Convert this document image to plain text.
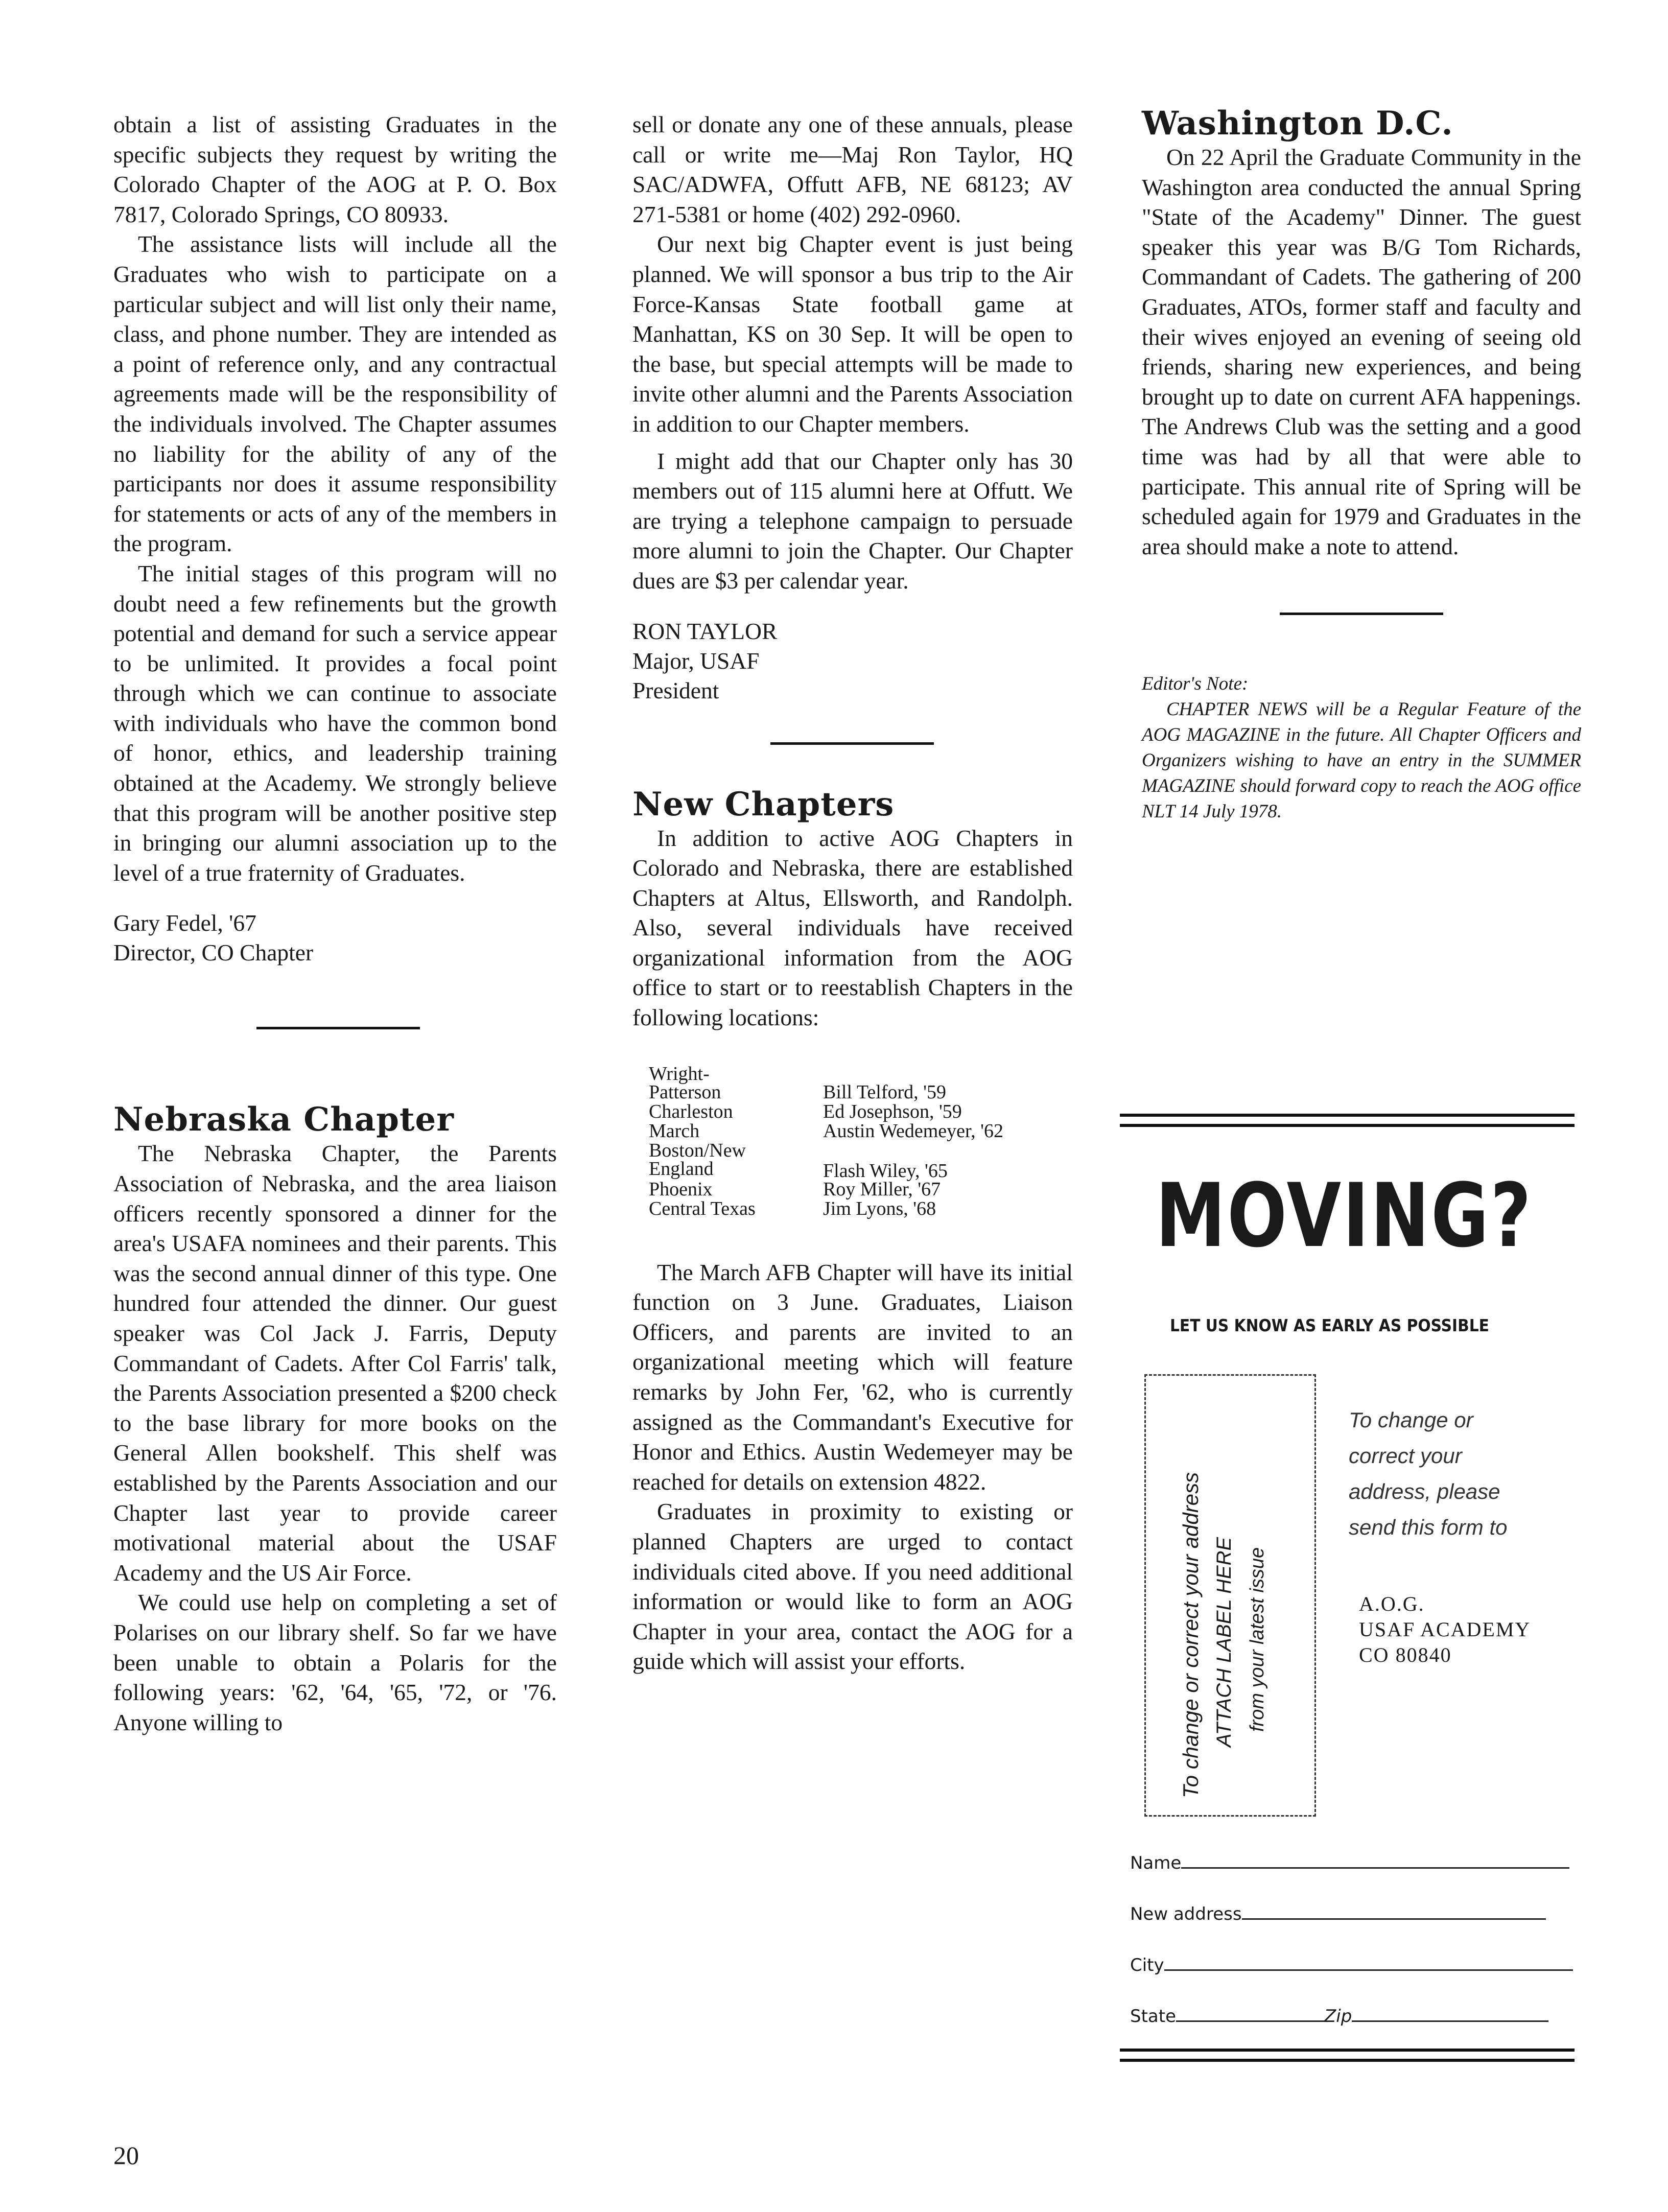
obtain a list of assisting Graduates in the specific subjects they request by writing the Colorado Chapter of the AOG at P. O. Box 7817, Colorado Springs, CO 80933.

The assistance lists will include all the Graduates who wish to participate on a particular subject and will list only their name, class, and phone number. They are intended as a point of reference only, and any contractual agreements made will be the responsibility of the individuals involved. The Chapter assumes no liability for the ability of any of the participants nor does it assume responsibility for statements or acts of any of the members in the program.

The initial stages of this program will no doubt need a few refinements but the growth potential and demand for such a service appear to be unlimited. It provides a focal point through which we can continue to associate with individuals who have the common bond of honor, ethics, and leadership training obtained at the Academy. We strongly believe that this program will be another positive step in bringing our alumni association up to the level of a true fraternity of Graduates.

Gary Fedel, '67

Director, CO Chapter

Nebraska Chapter

The Nebraska Chapter, the Parents Association of Nebraska, and the area liaison officers recently sponsored a dinner for the area's USAFA nominees and their parents. This was the second annual dinner of this type. One hundred four attended the dinner. Our guest speaker was Col Jack J. Farris, Deputy Commandant of Cadets. After Col Farris' talk, the Parents Association presented a $200 check to the base library for more books on the General Allen bookshelf. This shelf was established by the Parents Association and our Chapter last year to provide career motivational material about the USAF Academy and the US Air Force.

We could use help on completing a set of Polarises on our library shelf. So far we have been unable to obtain a Polaris for the following years: '62, '64, '65, '72, or '76. Anyone willing to

sell or donate any one of these annuals, please call or write me—Maj Ron Taylor, HQ SAC/ADWFA, Offutt AFB, NE 68123; AV 271-5381 or home (402) 292-0960.

Our next big Chapter event is just being planned. We will sponsor a bus trip to the Air Force-Kansas State football game at Manhattan, KS on 30 Sep. It will be open to the base, but special attempts will be made to invite other alumni and the Parents Association in addition to our Chapter members.

I might add that our Chapter only has 30 members out of 115 alumni here at Offutt. We are trying a telephone campaign to persuade more alumni to join the Chapter. Our Chapter dues are $3 per calendar year.

RON TAYLOR

Major, USAF

President

New Chapters

In addition to active AOG Chapters in Colorado and Nebraska, there are established Chapters at Altus, Ellsworth, and Randolph. Also, several individuals have received organizational information from the AOG office to start or to reestablish Chapters in the following locations:

Wright-
Patterson	Bill Telford, '59
Charleston	Ed Josephson, '59
March	Austin Wedemeyer, '62
Boston/New
England	Flash Wiley, '65
Phoenix	Roy Miller, '67
Central Texas	Jim Lyons, '68

The March AFB Chapter will have its initial function on 3 June. Graduates, Liaison Officers, and parents are invited to an organizational meeting which will feature remarks by John Fer, '62, who is currently assigned as the Commandant's Executive for Honor and Ethics. Austin Wedemeyer may be reached for details on extension 4822.

Graduates in proximity to existing or planned Chapters are urged to contact individuals cited above. If you need additional information or would like to form an AOG Chapter in your area, contact the AOG for a guide which will assist your efforts.

Washington D.C.

On 22 April the Graduate Community in the Washington area conducted the annual Spring "State of the Academy" Dinner. The guest speaker this year was B/G Tom Richards, Commandant of Cadets. The gathering of 200 Graduates, ATOs, former staff and faculty and their wives enjoyed an evening of seeing old friends, sharing new experiences, and being brought up to date on current AFA happenings. The Andrews Club was the setting and a good time was had by all that were able to participate. This annual rite of Spring will be scheduled again for 1979 and Graduates in the area should make a note to attend.

Editor's Note:

CHAPTER NEWS will be a Regular Feature of the AOG MAGAZINE in the future. All Chapter Officers and Organizers wishing to have an entry in the SUMMER MAGAZINE should forward copy to reach the AOG office NLT 14 July 1978.

MOVING?
LET US KNOW AS EARLY AS POSSIBLE
To change or correct your address ATTACH LABEL HERE from your latest issue
To change or
correct your
address, please
send this form to
A.O.G.
USAF ACADEMY
CO 80840
Name
New address
City
State	Zip
20
